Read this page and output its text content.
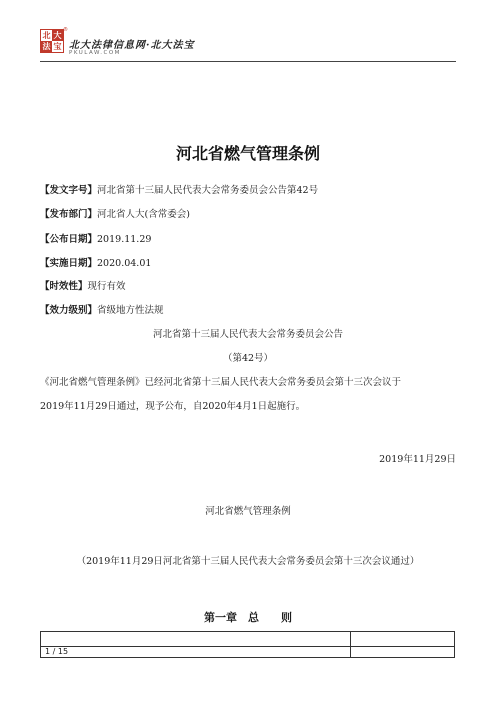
北 大
法 宝
®
北大法律信息网·北大法宝
PKULAW.COM
河北省燃气管理条例
【发文字号】河北省第十三届人民代表大会常务委员会公告第42号
【发布部门】河北省人大(含常委会)
【公布日期】2019.11.29
【实施日期】2020.04.01
【时效性】现行有效
【效力级别】省级地方性法规
河北省第十三届人民代表大会常务委员会公告
（第42号）
《河北省燃气管理条例》已经河北省第十三届人民代表大会常务委员会第十三次会议于
2019年11月29日通过，现予公布，自2020年4月1日起施行。
2019年11月29日
河北省燃气管理条例
（2019年11月29日河北省第十三届人民代表大会常务委员会第十三次会议通过）
第一章　总　　则
1 / 15
